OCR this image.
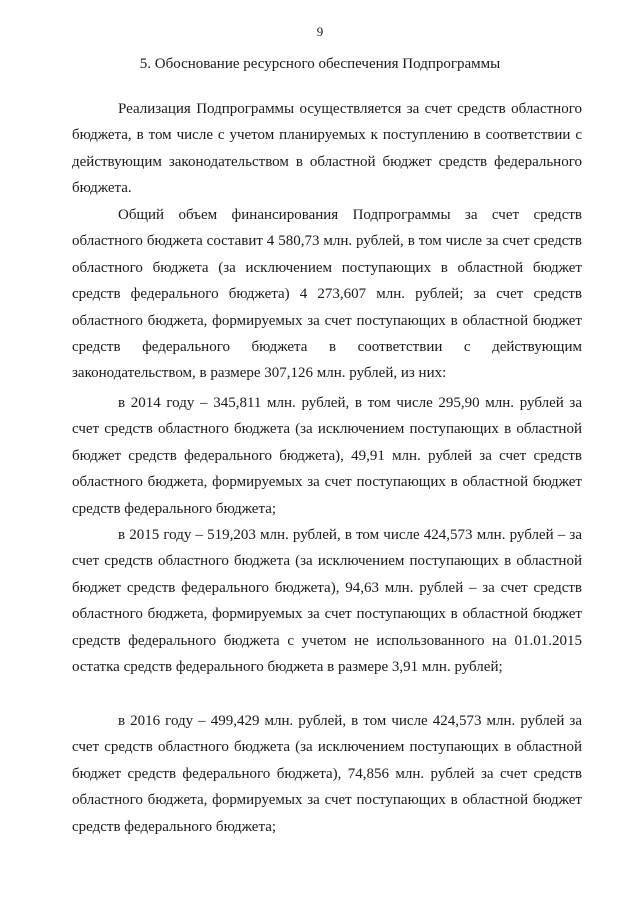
9
5. Обоснование ресурсного обеспечения Подпрограммы

Реализация Подпрограммы осуществляется за счет средств областного бюджета, в том числе с учетом планируемых к поступлению в соответствии с действующим законодательством в областной бюджет средств федерального бюджета.

Общий объем финансирования Подпрограммы за счет средств областного бюджета составит 4 580,73 млн. рублей, в том числе за счет средств областного бюджета (за исключением поступающих в областной бюджет средств федерального бюджета) 4 273,607 млн. рублей; за счет средств областного бюджета, формируемых за счет поступающих в областной бюджет средств федерального бюджета в соответствии с действующим законодательством, в размере 307,126 млн. рублей, из них:

в 2014 году – 345,811 млн. рублей, в том числе 295,90 млн. рублей за счет средств областного бюджета (за исключением поступающих в областной бюджет средств федерального бюджета), 49,91 млн. рублей за счет средств областного бюджета, формируемых за счет поступающих в областной бюджет средств федерального бюджета;

в 2015 году – 519,203 млн. рублей, в том числе 424,573 млн. рублей – за счет средств областного бюджета (за исключением поступающих в областной бюджет средств федерального бюджета), 94,63 млн. рублей – за счет средств областного бюджета, формируемых за счет поступающих в областной бюджет средств федерального бюджета с учетом не использованного на 01.01.2015 остатка средств федерального бюджета в размере 3,91 млн. рублей;

в 2016 году – 499,429 млн. рублей, в том числе 424,573 млн. рублей за счет средств областного бюджета (за исключением поступающих в областной бюджет средств федерального бюджета), 74,856 млн. рублей за счет средств областного бюджета, формируемых за счет поступающих в областной бюджет средств федерального бюджета;
